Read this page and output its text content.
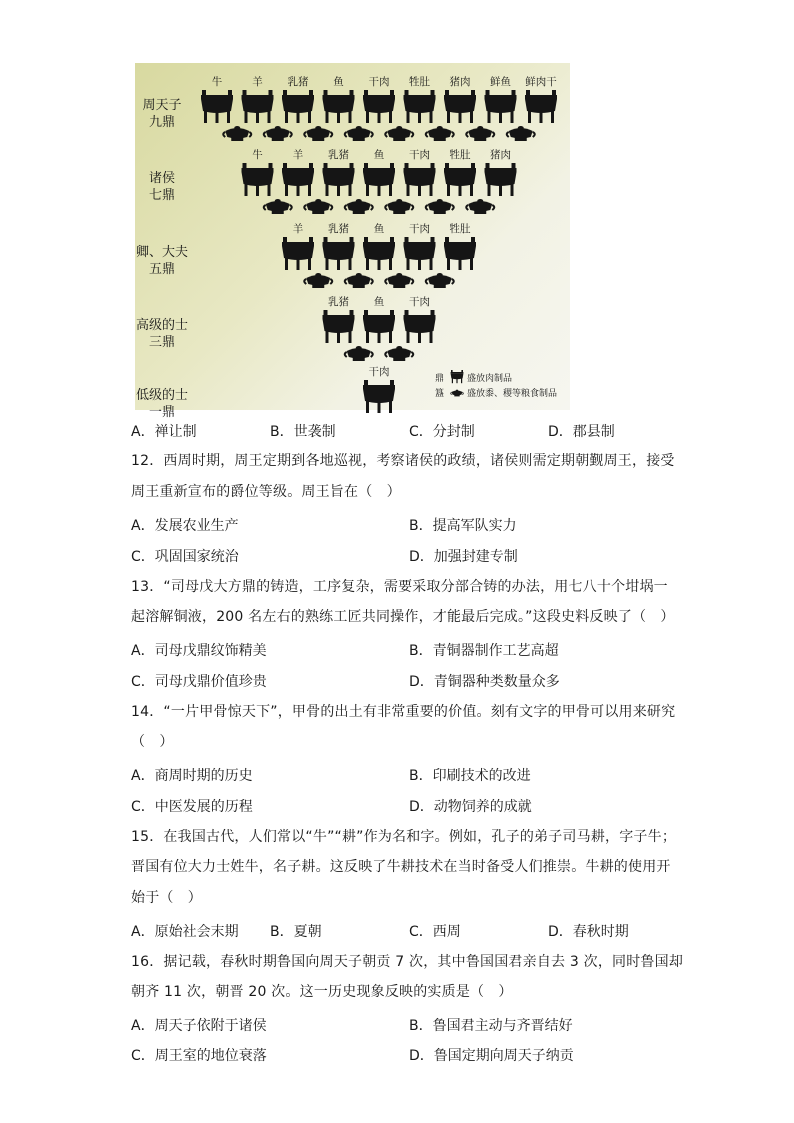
周天子
九鼎
牛	羊 乳猪 鱼 干肉 牲肚 猪肉 鲜鱼 鲜肉干
诸侯
七鼎
牛	羊 乳猪 鱼 干肉 牲肚 猪肉
卿、大夫
五鼎
羊 乳猪 鱼 干肉 牲肚
高级的士
三鼎
乳猪 鱼 干肉
低级的士
一鼎
干肉
鼎	盛放肉制品
簋	盛放黍、稷等粮食制品
A．禅让制	B．世袭制	C．分封制	D．郡县制
12．西周时期，周王定期到各地巡视，考察诸侯的政绩，诸侯则需定期朝觐周王，接受
周王重新宣布的爵位等级。周王旨在（　）
A．发展农业生产	B．提高军队实力
C．巩固国家统治	D．加强封建专制
13．“司母戊大方鼎的铸造，工序复杂，需要采取分部合铸的办法，用七八十个坩埚一
起溶解铜液，200 名左右的熟练工匠共同操作，才能最后完成。”这段史料反映了（　）
A．司母戊鼎纹饰精美	B．青铜器制作工艺高超
C．司母戊鼎价值珍贵	D．青铜器种类数量众多
14．“一片甲骨惊天下”，甲骨的出土有非常重要的价值。刻有文字的甲骨可以用来研究
（　）
A．商周时期的历史	B．印刷技术的改进
C．中医发展的历程	D．动物饲养的成就
15．在我国古代，人们常以“牛”“耕”作为名和字。例如，孔子的弟子司马耕，字子牛；
晋国有位大力士姓牛，名子耕。这反映了牛耕技术在当时备受人们推崇。牛耕的使用开
始于（　）
A．原始社会末期 B．夏朝	C．西周	D．春秋时期
16．据记载，春秋时期鲁国向周天子朝贡 7 次，其中鲁国国君亲自去 3 次，同时鲁国却
朝齐 11 次，朝晋 20 次。这一历史现象反映的实质是（　）
A．周天子依附于诸侯	B．鲁国君主动与齐晋结好
C．周王室的地位衰落	D．鲁国定期向周天子纳贡
